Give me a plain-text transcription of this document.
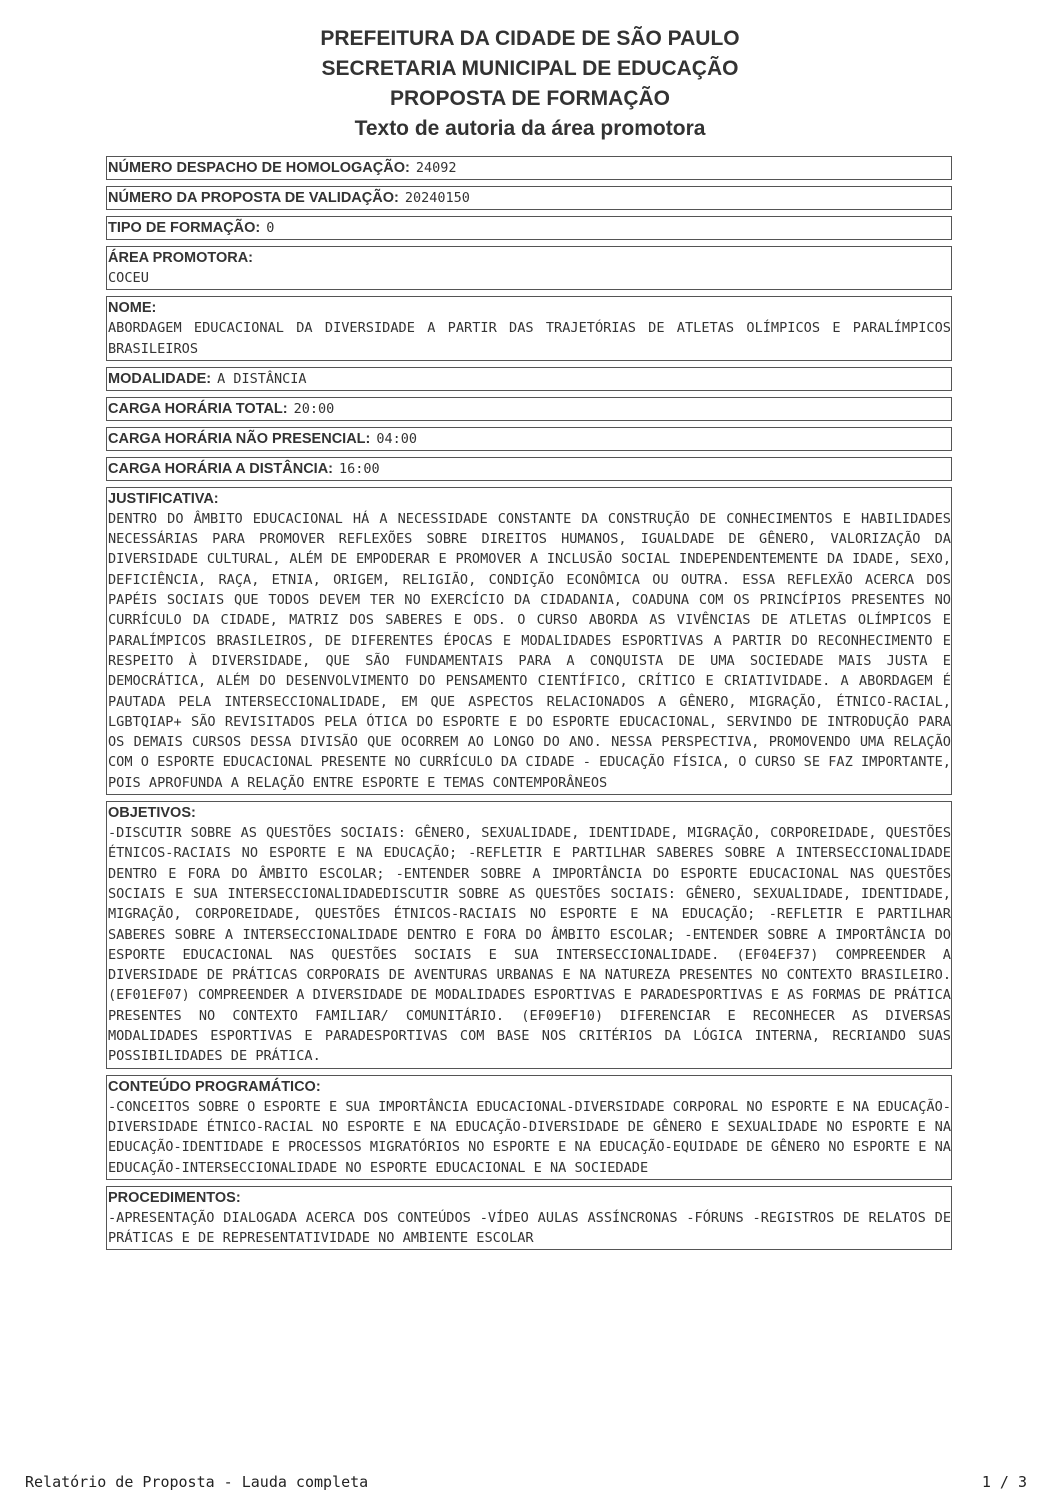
PREFEITURA DA CIDADE DE SÃO PAULO
SECRETARIA MUNICIPAL DE EDUCAÇÃO
PROPOSTA DE FORMAÇÃO
Texto de autoria da área promotora
NÚMERO DESPACHO DE HOMOLOGAÇÃO: 24092
NÚMERO DA PROPOSTA DE VALIDAÇÃO: 20240150
TIPO DE FORMAÇÃO: 0
ÁREA PROMOTORA:
COCEU
NOME:
ABORDAGEM EDUCACIONAL DA DIVERSIDADE A PARTIR DAS TRAJETÓRIAS DE ATLETAS OLÍMPICOS E PARALÍMPICOS BRASILEIROS
MODALIDADE: A DISTÂNCIA
CARGA HORÁRIA TOTAL: 20:00
CARGA HORÁRIA NÃO PRESENCIAL: 04:00
CARGA HORÁRIA A DISTÂNCIA: 16:00
JUSTIFICATIVA:
DENTRO DO ÂMBITO EDUCACIONAL HÁ A NECESSIDADE CONSTANTE DA CONSTRUÇÃO DE CONHECIMENTOS E HABILIDADES NECESSÁRIAS PARA PROMOVER REFLEXÕES SOBRE DIREITOS HUMANOS, IGUALDADE DE GÊNERO, VALORIZAÇÃO DA DIVERSIDADE CULTURAL, ALÉM DE EMPODERAR E PROMOVER A INCLUSÃO SOCIAL INDEPENDENTEMENTE DA IDADE, SEXO, DEFICIÊNCIA, RAÇA, ETNIA, ORIGEM, RELIGIÃO, CONDIÇÃO ECONÔMICA OU OUTRA. ESSA REFLEXÃO ACERCA DOS PAPÉIS SOCIAIS QUE TODOS DEVEM TER NO EXERCÍCIO DA CIDADANIA, COADUNA COM OS PRINCÍPIOS PRESENTES NO CURRÍCULO DA CIDADE, MATRIZ DOS SABERES E ODS. O CURSO ABORDA AS VIVÊNCIAS DE ATLETAS OLÍMPICOS E PARALÍMPICOS BRASILEIROS, DE DIFERENTES ÉPOCAS E MODALIDADES ESPORTIVAS A PARTIR DO RECONHECIMENTO E RESPEITO À DIVERSIDADE, QUE SÃO FUNDAMENTAIS PARA A CONQUISTA DE UMA SOCIEDADE MAIS JUSTA E DEMOCRÁTICA, ALÉM DO DESENVOLVIMENTO DO PENSAMENTO CIENTÍFICO, CRÍTICO E CRIATIVIDADE. A ABORDAGEM É PAUTADA PELA INTERSECCIONALIDADE, EM QUE ASPECTOS RELACIONADOS A GÊNERO, MIGRAÇÃO, ÉTNICO-RACIAL, LGBTQIAP+ SÃO REVISITADOS PELA ÓTICA DO ESPORTE E DO ESPORTE EDUCACIONAL, SERVINDO DE INTRODUÇÃO PARA OS DEMAIS CURSOS DESSA DIVISÃO QUE OCORREM AO LONGO DO ANO. NESSA PERSPECTIVA, PROMOVENDO UMA RELAÇÃO COM O ESPORTE EDUCACIONAL PRESENTE NO CURRÍCULO DA CIDADE - EDUCAÇÃO FÍSICA, O CURSO SE FAZ IMPORTANTE, POIS APROFUNDA A RELAÇÃO ENTRE ESPORTE E TEMAS CONTEMPORÂNEOS
OBJETIVOS:
-DISCUTIR SOBRE AS QUESTÕES SOCIAIS: GÊNERO, SEXUALIDADE, IDENTIDADE, MIGRAÇÃO, CORPOREIDADE, QUESTÕES ÉTNICOS-RACIAIS NO ESPORTE E NA EDUCAÇÃO; -REFLETIR E PARTILHAR SABERES SOBRE A INTERSECCIONALIDADE DENTRO E FORA DO ÂMBITO ESCOLAR; -ENTENDER SOBRE A IMPORTÂNCIA DO ESPORTE EDUCACIONAL NAS QUESTÕES SOCIAIS E SUA INTERSECCIONALIDADEDISCUTIR SOBRE AS QUESTÕES SOCIAIS: GÊNERO, SEXUALIDADE, IDENTIDADE, MIGRAÇÃO, CORPOREIDADE, QUESTÕES ÉTNICOS-RACIAIS NO ESPORTE E NA EDUCAÇÃO; -REFLETIR E PARTILHAR SABERES SOBRE A INTERSECCIONALIDADE DENTRO E FORA DO ÂMBITO ESCOLAR; -ENTENDER SOBRE A IMPORTÂNCIA DO ESPORTE EDUCACIONAL NAS QUESTÕES SOCIAIS E SUA INTERSECCIONALIDADE. (EF04EF37) COMPREENDER A DIVERSIDADE DE PRÁTICAS CORPORAIS DE AVENTURAS URBANAS E NA NATUREZA PRESENTES NO CONTEXTO BRASILEIRO. (EF01EF07) COMPREENDER A DIVERSIDADE DE MODALIDADES ESPORTIVAS E PARADESPORTIVAS E AS FORMAS DE PRÁTICA PRESENTES NO CONTEXTO FAMILIAR/ COMUNITÁRIO. (EF09EF10) DIFERENCIAR E RECONHECER AS DIVERSAS MODALIDADES ESPORTIVAS E PARADESPORTIVAS COM BASE NOS CRITÉRIOS DA LÓGICA INTERNA, RECRIANDO SUAS POSSIBILIDADES DE PRÁTICA.
CONTEÚDO PROGRAMÁTICO:
-CONCEITOS SOBRE O ESPORTE E SUA IMPORTÂNCIA EDUCACIONAL-DIVERSIDADE CORPORAL NO ESPORTE E NA EDUCAÇÃO-DIVERSIDADE ÉTNICO-RACIAL NO ESPORTE E NA EDUCAÇÃO-DIVERSIDADE DE GÊNERO E SEXUALIDADE NO ESPORTE E NA EDUCAÇÃO-IDENTIDADE E PROCESSOS MIGRATÓRIOS NO ESPORTE E NA EDUCAÇÃO-EQUIDADE DE GÊNERO NO ESPORTE E NA EDUCAÇÃO-INTERSECCIONALIDADE NO ESPORTE EDUCACIONAL E NA SOCIEDADE
PROCEDIMENTOS:
-APRESENTAÇÃO DIALOGADA ACERCA DOS CONTEÚDOS -VÍDEO AULAS ASSÍNCRONAS -FÓRUNS -REGISTROS DE RELATOS DE PRÁTICAS E DE REPRESENTATIVIDADE NO AMBIENTE ESCOLAR
Relatório de Proposta - Lauda completa	1 / 3
